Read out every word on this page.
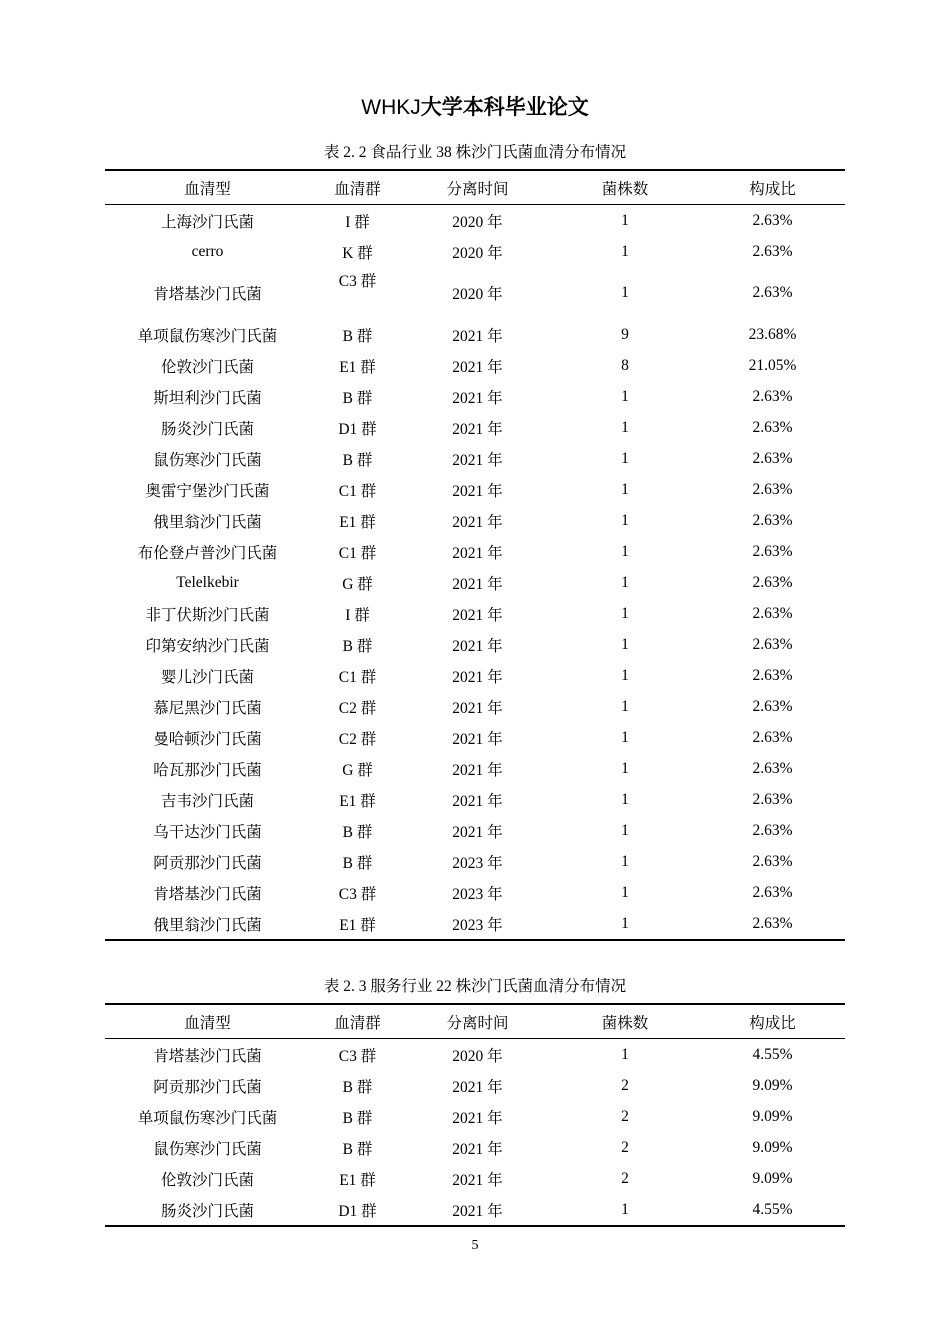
WHKJ大学本科毕业论文
表 2. 2 食品行业 38 株沙门氏菌血清分布情况
血清型	血清群	分离时间	菌株数	构成比
上海沙门氏菌	I 群	2020 年	1	2.63%
cerro	K 群	2020 年	1	2.63%
肯塔基沙门氏菌	C3 群	2020 年	1	2.63%
单项鼠伤寒沙门氏菌	B 群	2021 年	9	23.68%
伦敦沙门氏菌	E1 群	2021 年	8	21.05%
斯坦利沙门氏菌	B 群	2021 年	1	2.63%
肠炎沙门氏菌	D1 群	2021 年	1	2.63%
鼠伤寒沙门氏菌	B 群	2021 年	1	2.63%
奥雷宁堡沙门氏菌	C1 群	2021 年	1	2.63%
俄里翁沙门氏菌	E1 群	2021 年	1	2.63%
布伦登卢普沙门氏菌	C1 群	2021 年	1	2.63%
Telelkebir	G 群	2021 年	1	2.63%
非丁伏斯沙门氏菌	I 群	2021 年	1	2.63%
印第安纳沙门氏菌	B 群	2021 年	1	2.63%
婴儿沙门氏菌	C1 群	2021 年	1	2.63%
慕尼黑沙门氏菌	C2 群	2021 年	1	2.63%
曼哈顿沙门氏菌	C2 群	2021 年	1	2.63%
哈瓦那沙门氏菌	G 群	2021 年	1	2.63%
吉韦沙门氏菌	E1 群	2021 年	1	2.63%
乌干达沙门氏菌	B 群	2021 年	1	2.63%
阿贡那沙门氏菌	B 群	2023 年	1	2.63%
肯塔基沙门氏菌	C3 群	2023 年	1	2.63%
俄里翁沙门氏菌	E1 群	2023 年	1	2.63%
表 2. 3 服务行业 22 株沙门氏菌血清分布情况
血清型	血清群	分离时间	菌株数	构成比
肯塔基沙门氏菌	C3 群	2020 年	1	4.55%
阿贡那沙门氏菌	B 群	2021 年	2	9.09%
单项鼠伤寒沙门氏菌	B 群	2021 年	2	9.09%
鼠伤寒沙门氏菌	B 群	2021 年	2	9.09%
伦敦沙门氏菌	E1 群	2021 年	2	9.09%
肠炎沙门氏菌	D1 群	2021 年	1	4.55%
5
